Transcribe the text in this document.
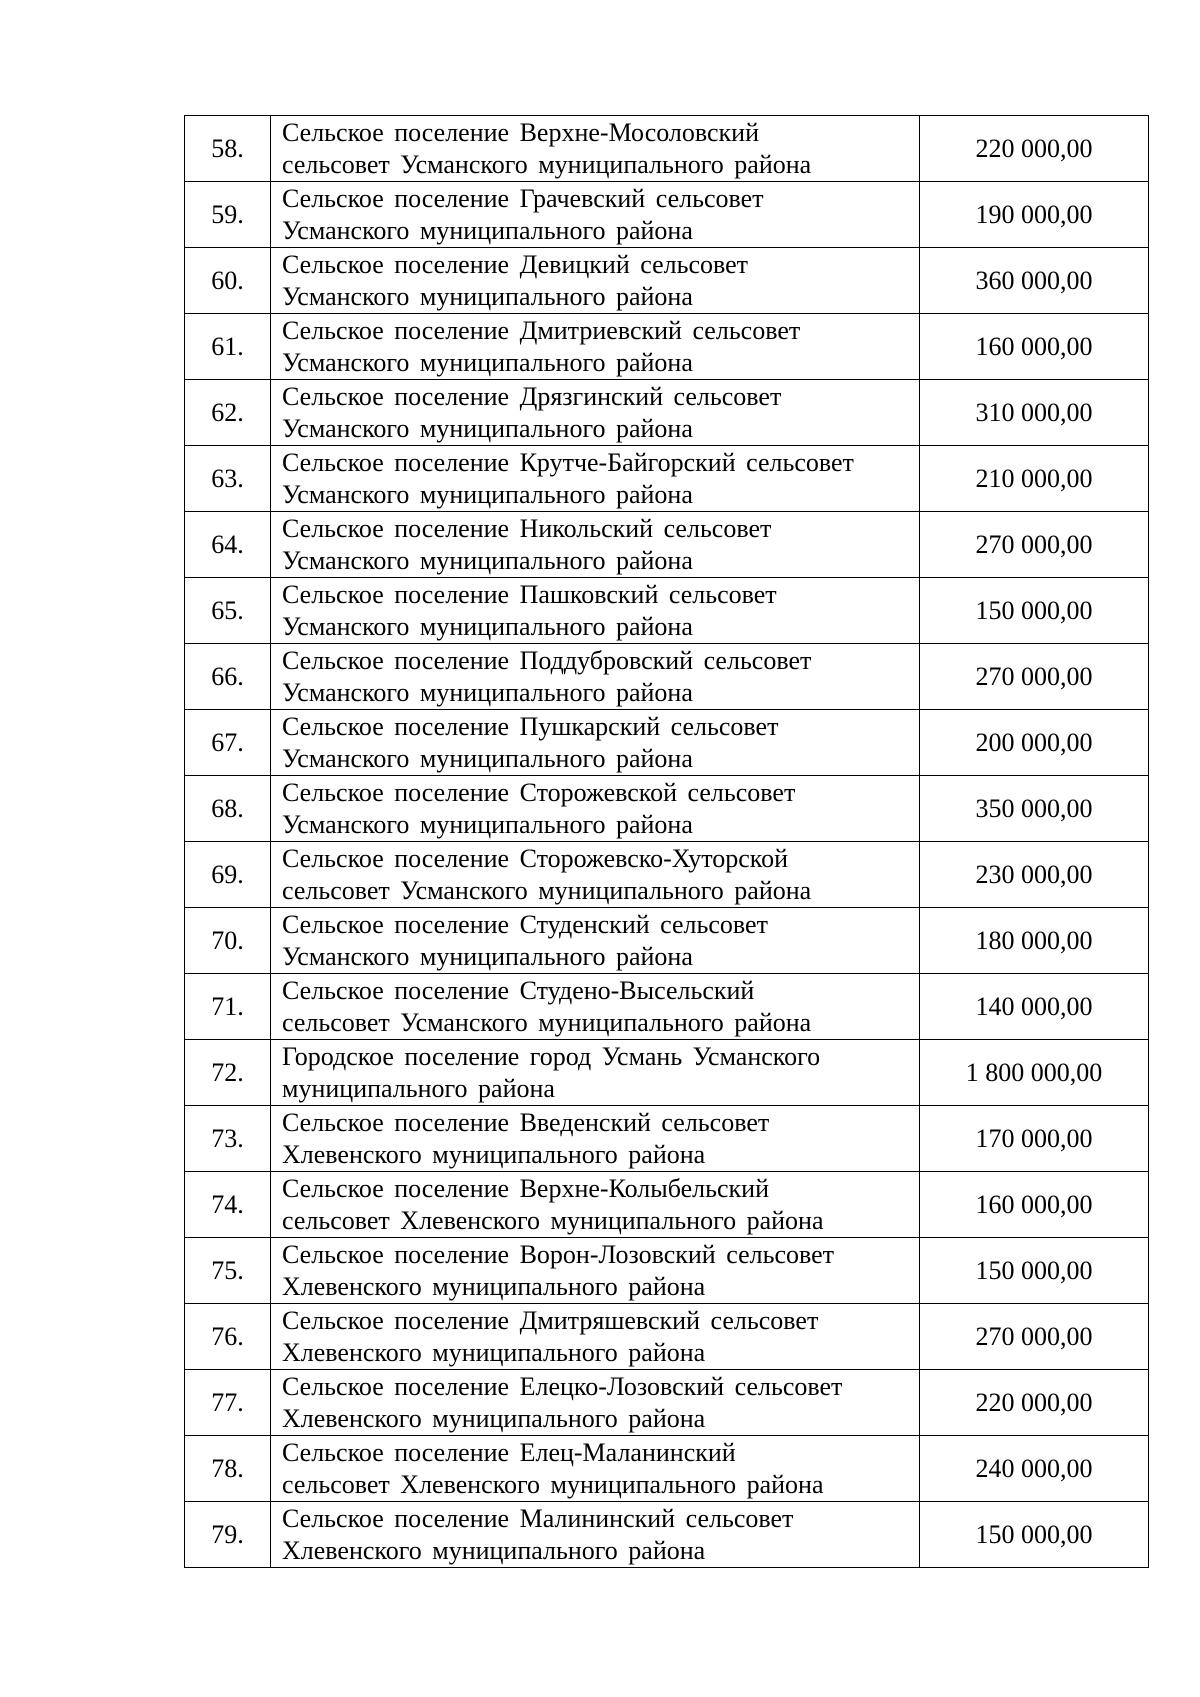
58.	Сельское поселение Верхне-Мосоловский
сельсовет Усманского муниципального района	220 000,00
59.	Сельское поселение Грачевский сельсовет
Усманского муниципального района	190 000,00
60.	Сельское поселение Девицкий сельсовет
Усманского муниципального района	360 000,00
61.	Сельское поселение Дмитриевский сельсовет
Усманского муниципального района	160 000,00
62.	Сельское поселение Дрязгинский сельсовет
Усманского муниципального района	310 000,00
63.	Сельское поселение Крутче-Байгорский сельсовет
Усманского муниципального района	210 000,00
64.	Сельское поселение Никольский сельсовет
Усманского муниципального района	270 000,00
65.	Сельское поселение Пашковский сельсовет
Усманского муниципального района	150 000,00
66.	Сельское поселение Поддубровский сельсовет
Усманского муниципального района	270 000,00
67.	Сельское поселение Пушкарский сельсовет
Усманского муниципального района	200 000,00
68.	Сельское поселение Сторожевской сельсовет
Усманского муниципального района	350 000,00
69.	Сельское поселение Сторожевско-Хуторской
сельсовет Усманского муниципального района	230 000,00
70.	Сельское поселение Студенский сельсовет
Усманского муниципального района	180 000,00
71.	Сельское поселение Студено-Высельский
сельсовет Усманского муниципального района	140 000,00
72.	Городское поселение город Усмань Усманского
муниципального района	1 800 000,00
73.	Сельское поселение Введенский сельсовет
Хлевенского муниципального района	170 000,00
74.	Сельское поселение Верхне-Колыбельский
сельсовет Хлевенского муниципального района	160 000,00
75.	Сельское поселение Ворон-Лозовский сельсовет
Хлевенского муниципального района	150 000,00
76.	Сельское поселение Дмитряшевский сельсовет
Хлевенского муниципального района	270 000,00
77.	Сельское поселение Елецко-Лозовский сельсовет
Хлевенского муниципального района	220 000,00
78.	Сельское поселение Елец-Маланинский
сельсовет Хлевенского муниципального района	240 000,00
79.	Сельское поселение Малининский сельсовет
Хлевенского муниципального района	150 000,00
